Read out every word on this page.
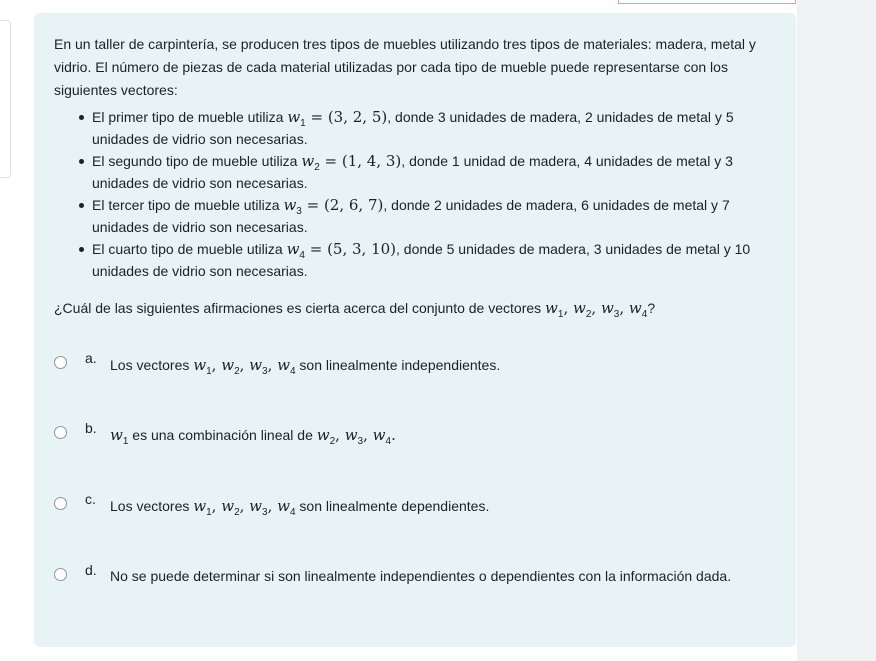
En un taller de carpintería, se producen tres tipos de muebles utilizando tres tipos de materiales: madera, metal y vidrio. El número de piezas de cada material utilizadas por cada tipo de mueble puede representarse con los siguientes vectores:

El primer tipo de mueble utiliza $w_1 = (3$, 2, 5), donde 3 unidades de madera, 2 unidades de metal y 5 unidades de vidrio son necesarias.
El segundo tipo de mueble utiliza $w_2 = (1$, 4, 3), donde 1 unidad de madera, 4 unidades de metal y 3 unidades de vidrio son necesarias.
El tercer tipo de mueble utiliza $w_3 = (2$, 6, 7), donde 2 unidades de madera, 6 unidades de metal y 7 unidades de vidrio son necesarias.
El cuarto tipo de mueble utiliza $w_4 = (5$, 3, 10), donde 5 unidades de madera, 3 unidades de metal y 10 unidades de vidrio son necesarias.

¿Cuál de las siguientes afirmaciones es cierta acerca del conjunto de vectores $w_1$, $w_2$, $w_3$, $w_4$?

a. Los vectores $w_1$, $w_2$, $w_3$, $w_4$ son linealmente independientes.
b. $w_1$ es una combinación lineal de $w_2$, $w_3$, $w_4$.
c. Los vectores $w_1$, $w_2$, $w_3$, $w_4$ son linealmente dependientes.
d. No se puede determinar si son linealmente independientes o dependientes con la información dada.
